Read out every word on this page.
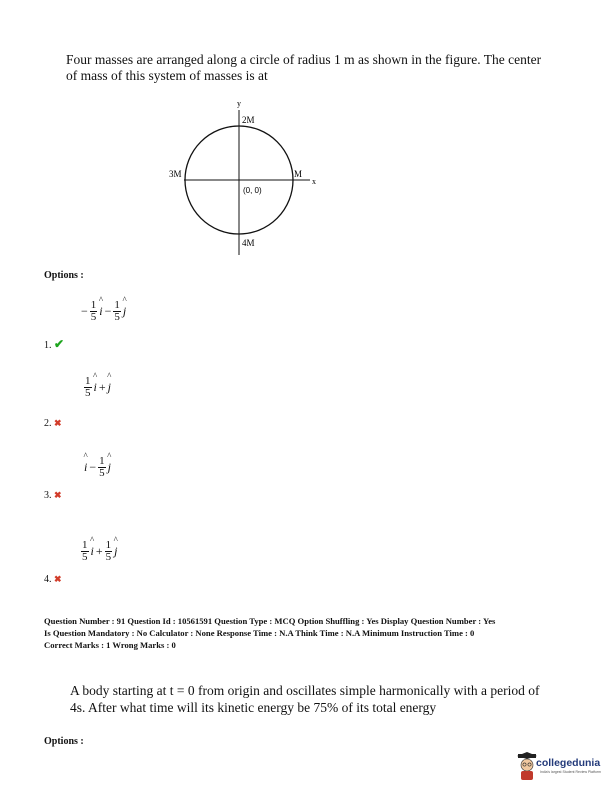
Four masses are arranged along a circle of radius 1 m as shown in the figure. The center
of mass of this system of masses is at
y
x
2M
3M	M
4M
(0, 0)
Options :
− $\frac{1}{5}$ ^
$i - \frac{1}{5}$ ^
j
1. ✔
$\frac{1}{5}$ ^
i +
^
j
2. ✖
^
$i - \frac{1}{5}$ ^
j
3. ✖
$\frac{1}{5}$ ^
$i + \frac{1}{5}$ ^
j
4. ✖
Question Number : 91 Question Id : 10561591 Question Type : MCQ Option Shuffling : Yes Display Question Number : Yes
Is Question Mandatory : No Calculator : None Response Time : N.A Think Time : N.A Minimum Instruction Time : 0
Correct Marks : 1 Wrong Marks : 0
A body starting at t = 0 from origin and oscillates simple harmonically with a period of
4s. After what time will its kinetic energy be 75% of its total energy
Options :
collegedunia
India's largest Student Review Platform
